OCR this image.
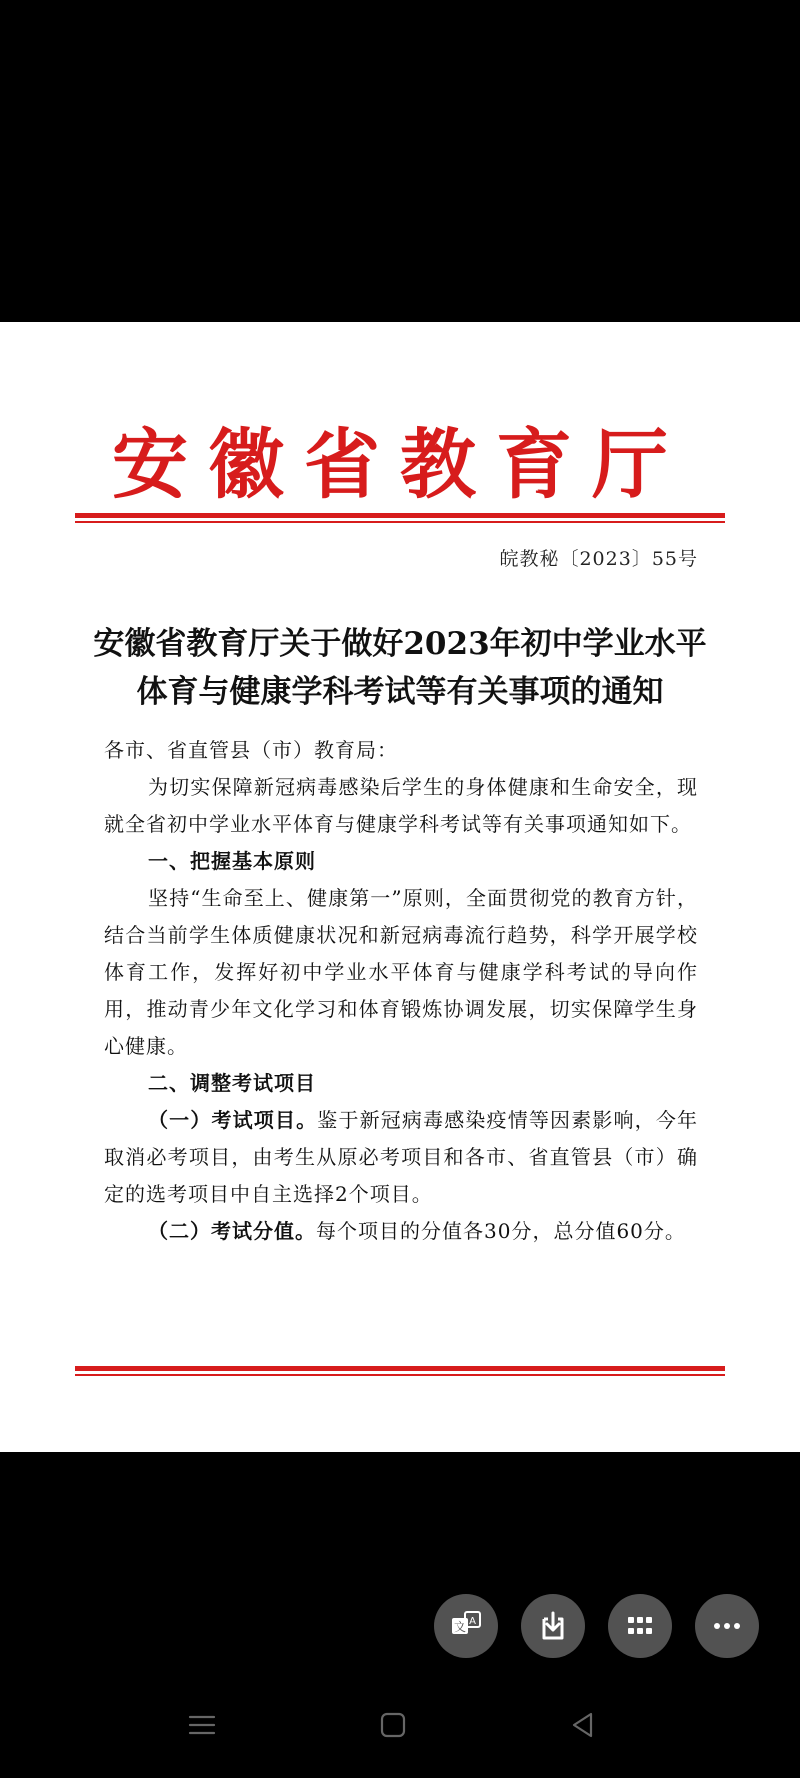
安徽省教育厅
皖教秘〔2023〕55号
安徽省教育厅关于做好2023年初中学业水平
体育与健康学科考试等有关事项的通知

各市、省直管县（市）教育局：

为切实保障新冠病毒感染后学生的身体健康和生命安全，现就全省初中学业水平体育与健康学科考试等有关事项通知如下。

一、把握基本原则

坚持“生命至上、健康第一”原则，全面贯彻党的教育方针，结合当前学生体质健康状况和新冠病毒流行趋势，科学开展学校体育工作，发挥好初中学业水平体育与健康学科考试的导向作用，推动青少年文化学习和体育锻炼协调发展，切实保障学生身心健康。

二、调整考试项目

（一）考试项目。鉴于新冠病毒感染疫情等因素影响，今年取消必考项目，由考生从原必考项目和各市、省直管县（市）确定的选考项目中自主选择2个项目。

（二）考试分值。每个项目的分值各30分，总分值60分。

文 A
